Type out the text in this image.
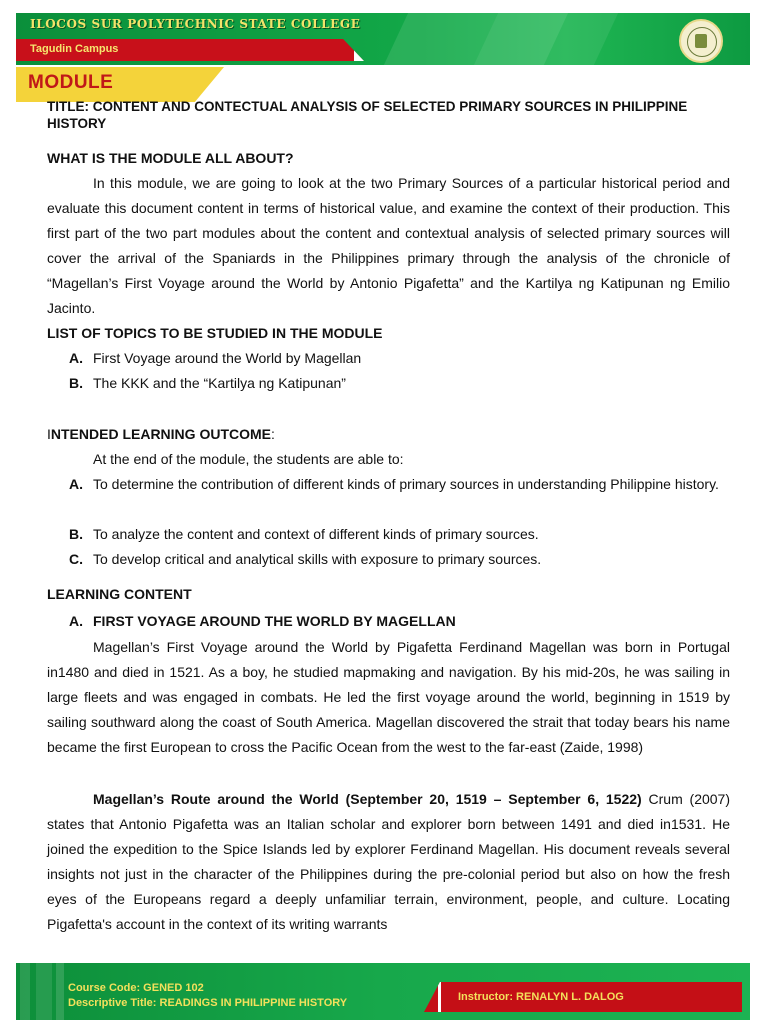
ILOCOS SUR POLYTECHNIC STATE COLLEGE
Tagudin Campus
MODULE
TITLE: CONTENT AND CONTECTUAL ANALYSIS OF SELECTED PRIMARY SOURCES IN PHILIPPINE HISTORY
WHAT IS THE MODULE ALL ABOUT?
In this module, we are going to look at the two Primary Sources of a particular historical period and evaluate this document content in terms of historical value, and examine the context of their production. This first part of the two part modules about the content and contextual analysis of selected primary sources will cover the arrival of the Spaniards in the Philippines primary through the analysis of the chronicle of “Magellan’s First Voyage around the World by Antonio Pigafetta” and the Kartilya ng Katipunan ng Emilio Jacinto.
LIST OF TOPICS TO BE STUDIED IN THE MODULE
A. First Voyage around the World by Magellan
B. The KKK and the “Kartilya ng Katipunan”
INTENDED LEARNING OUTCOME:
At the end of the module, the students are able to:
A. To determine the contribution of different kinds of primary sources in understanding Philippine history.
B. To analyze the content and context of different kinds of primary sources.
C. To develop critical and analytical skills with exposure to primary sources.
LEARNING CONTENT
A. FIRST VOYAGE AROUND THE WORLD BY MAGELLAN
Magellan’s First Voyage around the World by Pigafetta Ferdinand Magellan was born in Portugal in1480 and died in 1521. As a boy, he studied mapmaking and navigation. By his mid-20s, he was sailing in large fleets and was engaged in combats. He led the first voyage around the world, beginning in 1519 by sailing southward along the coast of South America. Magellan discovered the strait that today bears his name became the first European to cross the Pacific Ocean from the west to the far-east (Zaide, 1998)
Magellan’s Route around the World (September 20, 1519 – September 6, 1522) Crum (2007) states that Antonio Pigafetta was an Italian scholar and explorer born between 1491 and died in1531. He joined the expedition to the Spice Islands led by explorer Ferdinand Magellan. His document reveals several insights not just in the character of the Philippines during the pre-colonial period but also on how the fresh eyes of the Europeans regard a deeply unfamiliar terrain, environment, people, and culture. Locating Pigafetta's account in the context of its writing warrants
Course Code: GENED 102
Descriptive Title: READINGS IN PHILIPPINE HISTORY	Instructor: RENALYN L. DALOG
